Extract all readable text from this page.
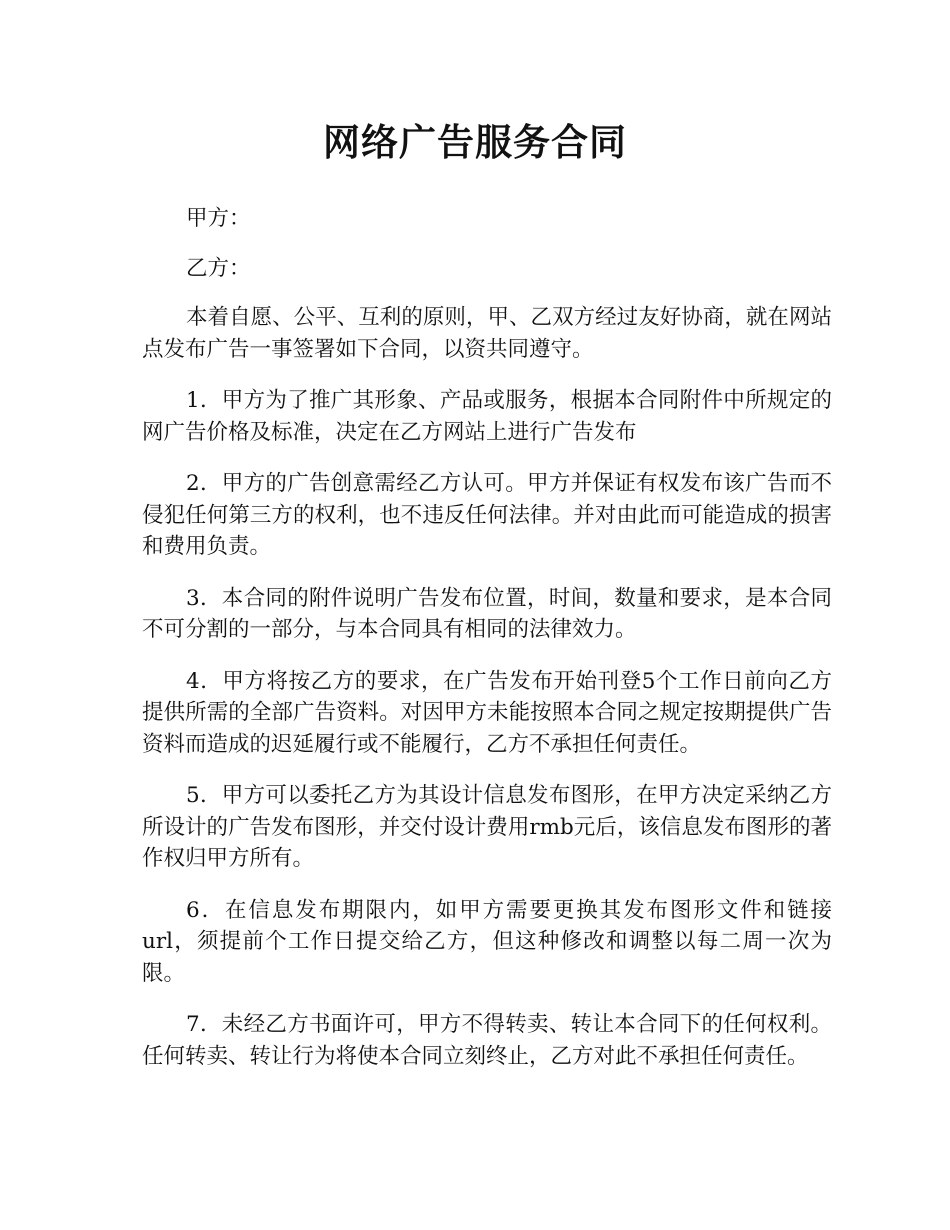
网络广告服务合同

甲方：

乙方：

本着自愿、公平、互利的原则，甲、乙双方经过友好协商，就在网站点发布广告一事签署如下合同，以资共同遵守。

1．甲方为了推广其形象、产品或服务，根据本合同附件中所规定的网广告价格及标准，决定在乙方网站上进行广告发布

2．甲方的广告创意需经乙方认可。甲方并保证有权发布该广告而不侵犯任何第三方的权利，也不违反任何法律。并对由此而可能造成的损害和费用负责。

3．本合同的附件说明广告发布位置，时间，数量和要求，是本合同不可分割的一部分，与本合同具有相同的法律效力。

4．甲方将按乙方的要求，在广告发布开始刊登5个工作日前向乙方提供所需的全部广告资料。对因甲方未能按照本合同之规定按期提供广告资料而造成的迟延履行或不能履行，乙方不承担任何责任。

5．甲方可以委托乙方为其设计信息发布图形，在甲方决定采纳乙方所设计的广告发布图形，并交付设计费用rmb元后，该信息发布图形的著作权归甲方所有。

6．在信息发布期限内，如甲方需要更换其发布图形文件和链接url，须提前个工作日提交给乙方，但这种修改和调整以每二周一次为限。

7．未经乙方书面许可，甲方不得转卖、转让本合同下的任何权利。任何转卖、转让行为将使本合同立刻终止，乙方对此不承担任何责任。
